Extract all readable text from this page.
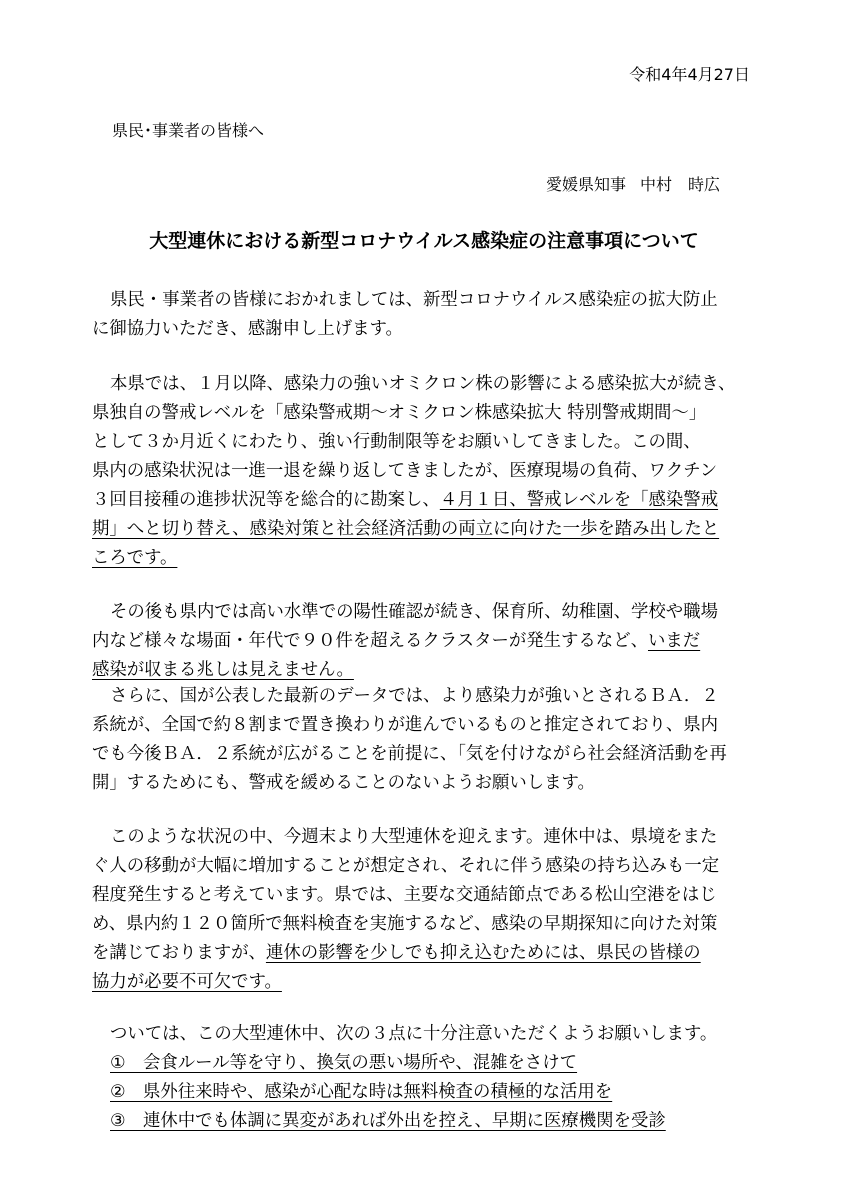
令和4年4月27日
県民･事業者の皆様へ
愛媛県知事 中村　時広
大型連休における新型コロナウイルス感染症の注意事項について
県民・事業者の皆様におかれましては、新型コロナウイルス感染症の拡大防止
に御協力いただき、感謝申し上げます。
本県では、１月以降、感染力の強いオミクロン株の影響による感染拡大が続き、
県独自の警戒レベルを「感染警戒期～オミクロン株感染拡大 特別警戒期間～」
として３か月近くにわたり、強い行動制限等をお願いしてきました。この間、
県内の感染状況は一進一退を繰り返してきましたが、医療現場の負荷、ワクチン
３回目接種の進捗状況等を総合的に勘案し、４月１日、警戒レベルを「感染警戒
期」へと切り替え、感染対策と社会経済活動の両立に向けた一歩を踏み出したと
ころです。
その後も県内では高い水準での陽性確認が続き、保育所、幼稚園、学校や職場
内など様々な場面・年代で９０件を超えるクラスターが発生するなど、いまだ
感染が収まる兆しは見えません。
さらに、国が公表した最新のデータでは、より感染力が強いとされるＢＡ．２
系統が、全国で約８割まで置き換わりが進んでいるものと推定されており、県内
でも今後ＢＡ．２系統が広がることを前提に、｢気を付けながら社会経済活動を再
開」するためにも、警戒を緩めることのないようお願いします。
このような状況の中、今週末より大型連休を迎えます。連休中は、県境をまた
ぐ人の移動が大幅に増加することが想定され、それに伴う感染の持ち込みも一定
程度発生すると考えています。県では、主要な交通結節点である松山空港をはじ
め、県内約１２０箇所で無料検査を実施するなど、感染の早期探知に向けた対策
を講じておりますが、連休の影響を少しでも抑え込むためには、県民の皆様の
協力が必要不可欠です。
ついては、この大型連休中、次の３点に十分注意いただくようお願いします。
①　会食ルール等を守り、換気の悪い場所や、混雑をさけて
②　県外往来時や、感染が心配な時は無料検査の積極的な活用を
③　連休中でも体調に異変があれば外出を控え、早期に医療機関を受診
